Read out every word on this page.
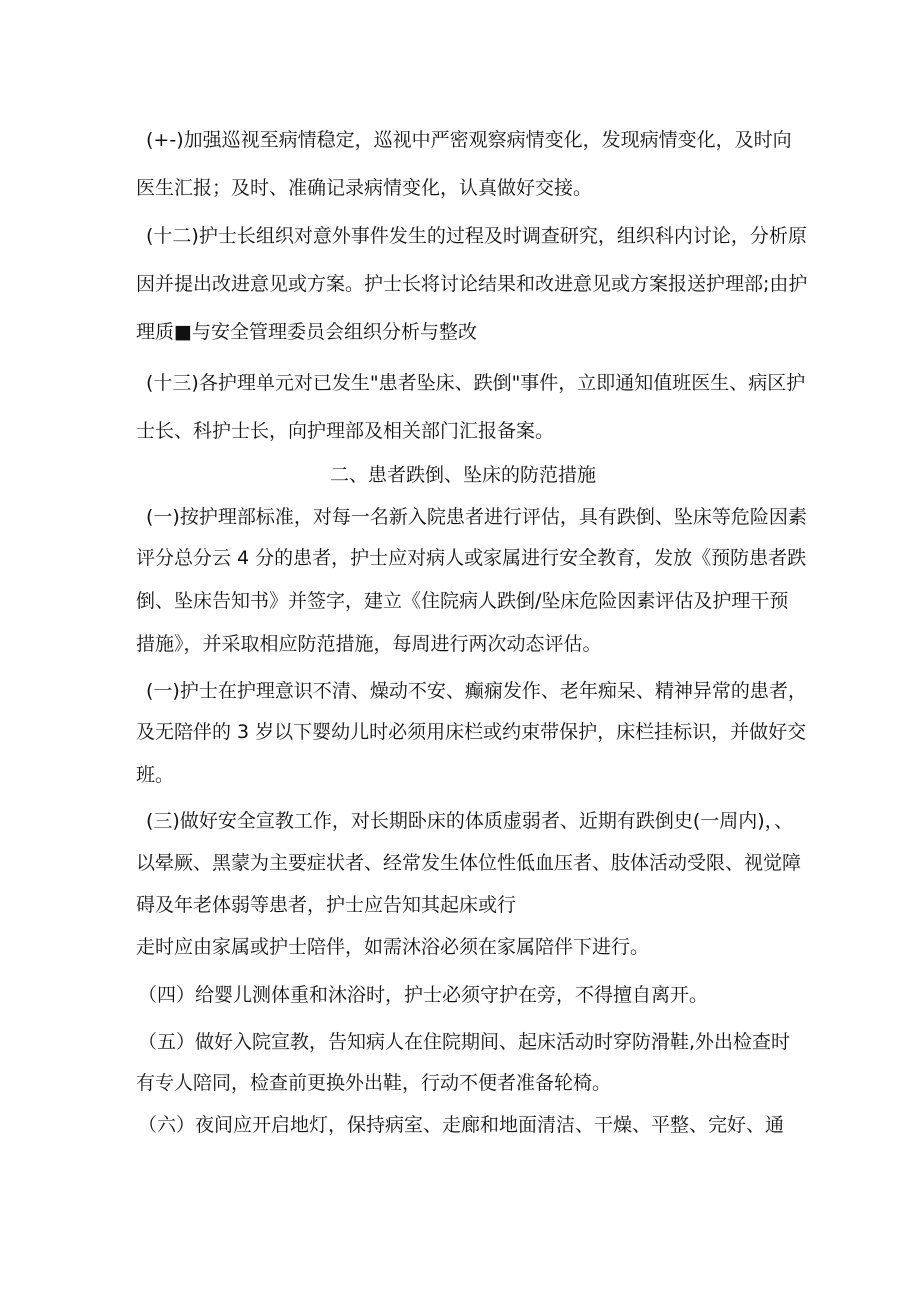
(+-)加强巡视至病情稳定，巡视中严密观察病情变化，发现病情变化，及时向
医生汇报；及时、准确记录病情变化，认真做好交接。
(十二)护士长组织对意外事件发生的过程及时调查研究，组织科内讨论，分析原
因并提出改进意见或方案。护士长将讨论结果和改进意见或方案报送护理部;由护
理质■与安全管理委员会组织分析与整改
(十三)各护理单元对已发生"患者坠床、跌倒"事件，立即通知值班医生、病区护
士长、科护士长，向护理部及相关部门汇报备案。
二、患者跌倒、坠床的防范措施
(一)按护理部标准，对每一名新入院患者进行评估，具有跌倒、坠床等危险因素
评分总分云 4 分的患者，护士应对病人或家属进行安全教育，发放《预防患者跌
倒、坠床告知书》并签字，建立《住院病人跌倒/坠床危险因素评估及护理干预
措施》，并采取相应防范措施，每周进行两次动态评估。
(一)护士在护理意识不清、燥动不安、癫痫发作、老年痴呆、精神异常的患者，
及无陪伴的 3 岁以下婴幼儿时必须用床栏或约束带保护，床栏挂标识，并做好交
班。
(三)做好安全宣教工作，对长期卧床的体质虚弱者、近期有跌倒史(一周内)，、
以晕厥、黑蒙为主要症状者、经常发生体位性低血压者、肢体活动受限、视觉障
碍及年老体弱等患者，护士应告知其起床或行
走时应由家属或护士陪伴，如需沐浴必须在家属陪伴下进行。
（四）给婴儿测体重和沐浴时，护士必须守护在旁，不得擅自离开。
（五）做好入院宣教，告知病人在住院期间、起床活动时穿防滑鞋,外出检查时
有专人陪同，检查前更换外出鞋，行动不便者准备轮椅。
（六）夜间应开启地灯，保持病室、走廊和地面清洁、干燥、平整、完好、通
